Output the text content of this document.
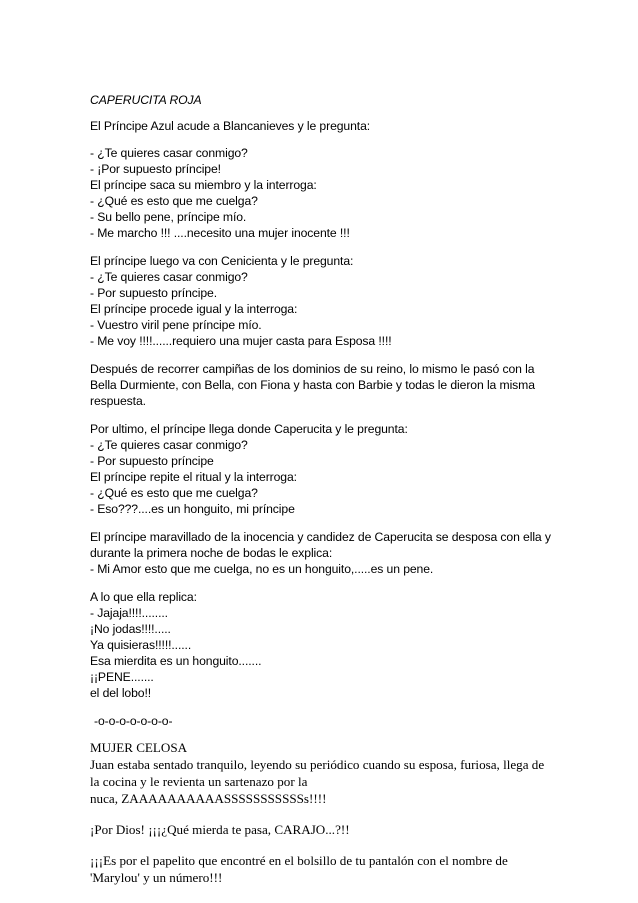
CAPERUCITA ROJA
El Príncipe Azul acude a Blancanieves y le pregunta:
- ¿Te quieres casar conmigo?
- ¡Por supuesto príncipe!
El príncipe saca su miembro y la interroga:
- ¿Qué es esto que me cuelga?
- Su bello pene, príncipe mío.
- Me marcho !!! ....necesito una mujer inocente !!!
El príncipe luego va con Cenicienta y le pregunta:
- ¿Te quieres casar conmigo?
- Por supuesto príncipe.
El príncipe procede igual y la interroga:
- Vuestro viril pene príncipe mío.
- Me voy !!!!......requiero una mujer casta para Esposa !!!!
Después de recorrer campiñas de los dominios de su reino, lo mismo le pasó con la
Bella Durmiente, con Bella, con Fiona y hasta con Barbie y todas le dieron la misma
respuesta.
Por ultimo, el príncipe llega donde Caperucita y le pregunta:
- ¿Te quieres casar conmigo?
- Por supuesto príncipe
El príncipe repite el ritual y la interroga:
- ¿Qué es esto que me cuelga?
- Eso???....es un honguito, mi príncipe
El príncipe maravillado de la inocencia y candidez de Caperucita se desposa con ella y
durante la primera noche de bodas le explica:
- Mi Amor esto que me cuelga, no es un honguito,.....es un pene.
A lo que ella replica:
- Jajaja!!!!........
¡No jodas!!!!.....
Ya quisieras!!!!!......
Esa mierdita es un honguito.......
¡¡PENE.......
el del lobo!!
-o-o-o-o-o-o-o-
MUJER CELOSA
Juan estaba sentado tranquilo, leyendo su periódico cuando su esposa, furiosa, llega de
la cocina y le revienta un sartenazo por la
nuca, ZAAAAAAAAAASSSSSSSSSSSs!!!!
¡Por Dios! ¡¡¡¿Qué mierda te pasa, CARAJO...?!!
¡¡¡Es por el papelito que encontré en el bolsillo de tu pantalón con el nombre de
'Marylou' y un número!!!
